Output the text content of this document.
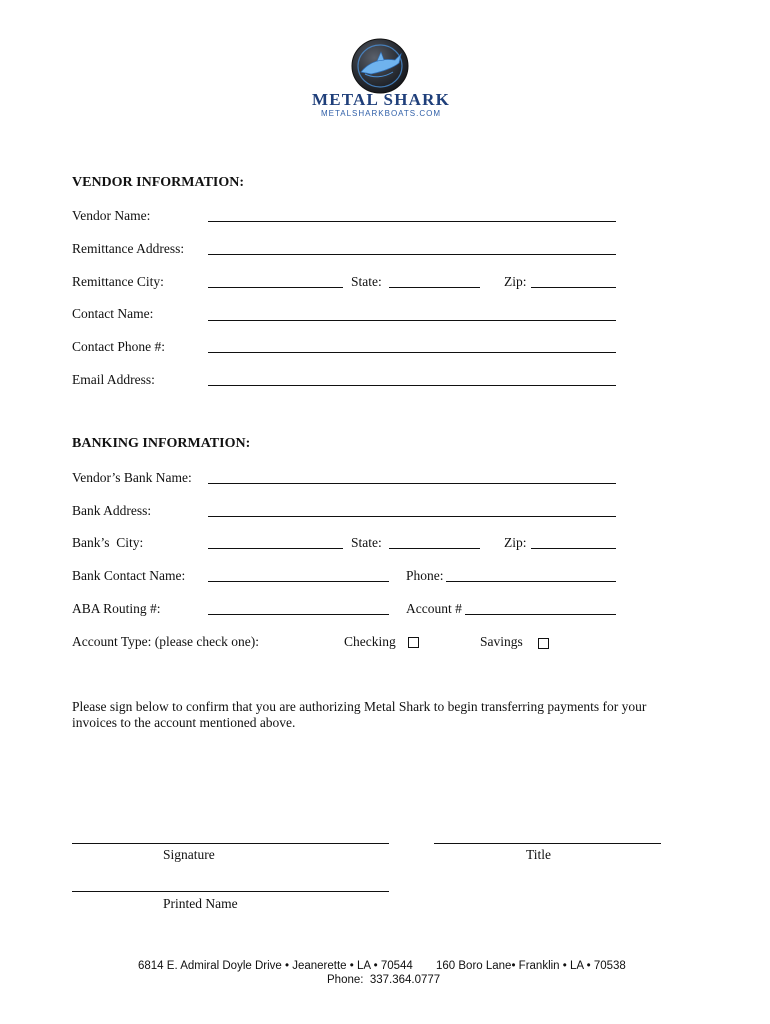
METAL SHARK
METALSHARKBOATS.COM
VENDOR INFORMATION:
Vendor Name:
Remittance Address:
Remittance City:	State:	Zip:
Contact Name:
Contact Phone #:
Email Address:
BANKING INFORMATION:
Vendor’s Bank Name:
Bank Address:
Bank’s  City:	State:	Zip:
Bank Contact Name:	Phone:
ABA Routing #:	Account #
Account Type: (please check one):	Checking	Savings
Please sign below to confirm that you are authorizing Metal Shark to begin transferring payments for your invoices to the account mentioned above.
Signature	Title
Printed Name
6814 E. Admiral Doyle Drive • Jeanerette • LA • 70544 160 Boro Lane• Franklin • LA • 70538
Phone:  337.364.0777
